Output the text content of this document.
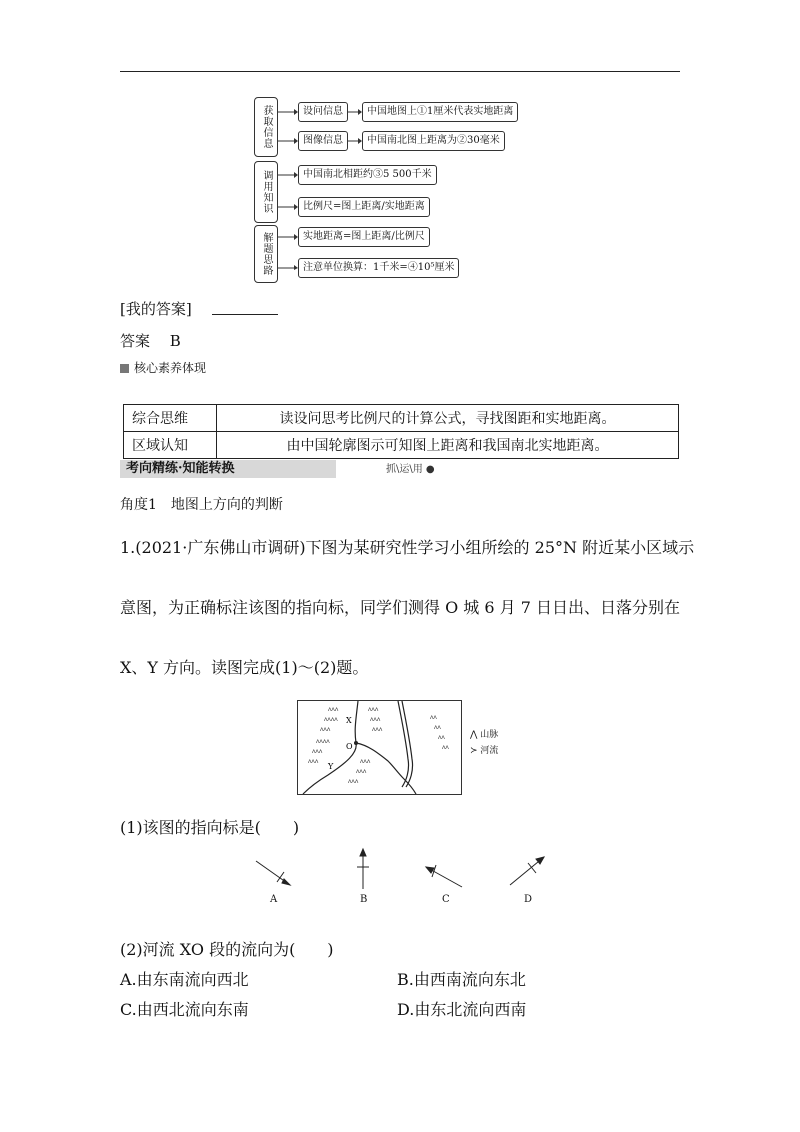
获取信息	设问信息	中国地图上①1厘米代表实地距离
图像信息	中国南北图上距离为②30毫米
调用知识	中国南北相距约③5 500千米
比例尺=图上距离/实地距离
解题思路	实地距离=图上距离/比例尺
注意单位换算：1千米=④10⁵厘米
[我的答案]
答案　 B
核心素养体现
综合思维	读设问思考比例尺的计算公式，寻找图距和实地距离。
区域认知	由中国轮廓图示可知图上距离和我国南北实地距离。
考向精练·知能转换	抓\运\用 ●
角度1　地图上方向的判断
1.(2021·广东佛山市调研)下图为某研究性学习小组所绘的 25°N 附近某小区域示
意图，为正确标注该图的指向标，同学们测得 O 城 6 月 7 日日出、日落分别在
X、Y 方向。读图完成(1)～(2)题。
ᐱᐱᐱ
ᐱᐱᐱᐱ
ᐱᐱᐱ
ᐱᐱᐱᐱ
ᐱᐱᐱ
ᐱᐱᐱ
ᐱᐱᐱ
ᐱᐱᐱ
ᐱᐱᐱ
ᐱᐱᐱ
ᐱᐱᐱ
ᐱᐱᐱ
ᐱᐱ
ᐱᐱ
ᐱᐱ
ᐱᐱ
X
O
Y
⋀ 山脉
≻ 河流
(1)该图的指向标是(　　)
A	B	C	D
(2)河流 XO 段的流向为(　　)
A.由东南流向西北	B.由西南流向东北
C.由西北流向东南	D.由东北流向西南
